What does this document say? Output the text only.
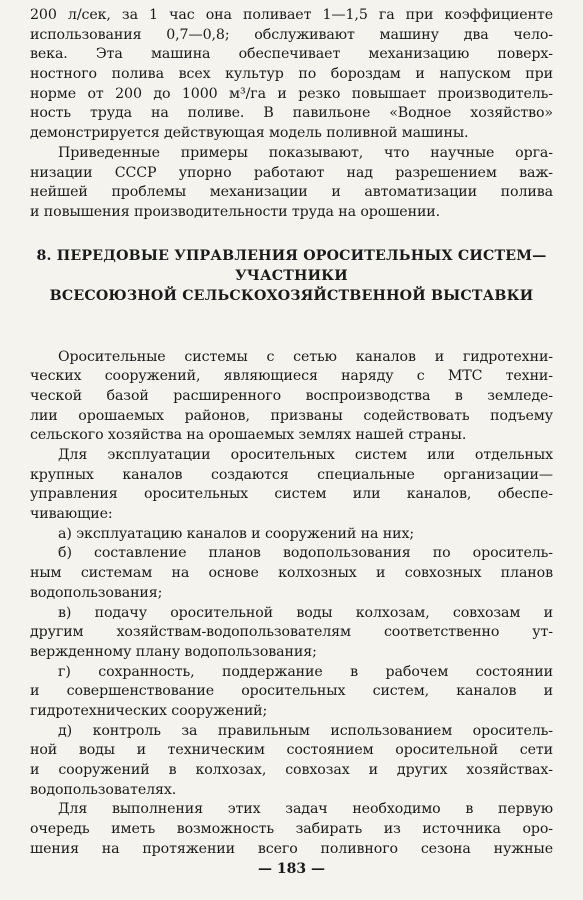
200 л/сек, за 1 час она поливает 1—1,5 га при коэффициенте
использования 0,7—0,8; обслуживают машину два чело-
века. Эта машина обеспечивает механизацию поверх-
ностного полива всех культур по бороздам и напуском при
норме от 200 до 1000 м³/га и резко повышает производитель-
ность труда на поливе. В павильоне «Водное хозяйство»
демонстрируется действующая модель поливной машины.
Приведенные примеры показывают, что научные орга-
низации СССР упорно работают над разрешением важ-
нейшей проблемы механизации и автоматизации полива
и повышения производительности труда на орошении.
8. ПЕРЕДОВЫЕ УПРАВЛЕНИЯ ОРОСИТЕЛЬНЫХ СИСТЕМ—
УЧАСТНИКИ
ВСЕСОЮЗНОЙ СЕЛЬСКОХОЗЯЙСТВЕННОЙ ВЫСТАВКИ
Оросительные системы с сетью каналов и гидротехни-
ческих сооружений, являющиеся наряду с МТС техни-
ческой базой расширенного воспроизводства в земледе-
лии орошаемых районов, призваны содействовать подъему
сельского хозяйства на орошаемых землях нашей страны.
Для эксплуатации оросительных систем или отдельных
крупных каналов создаются специальные организации—
управления оросительных систем или каналов, обеспе-
чивающие:
а) эксплуатацию каналов и сооружений на них;
б) составление планов водопользования по ороситель-
ным системам на основе колхозных и совхозных планов
водопользования;
в) подачу оросительной воды колхозам, совхозам и
другим хозяйствам-водопользователям соответственно ут-
вержденному плану водопользования;
г) сохранность, поддержание в рабочем состоянии
и совершенствование оросительных систем, каналов и
гидротехнических сооружений;
д) контроль за правильным использованием ороситель-
ной воды и техническим состоянием оросительной сети
и сооружений в колхозах, совхозах и других хозяйствах-
водопользователях.
Для выполнения этих задач необходимо в первую
очередь иметь возможность забирать из источника оро-
шения на протяжении всего поливного сезона нужные
— 183 —
